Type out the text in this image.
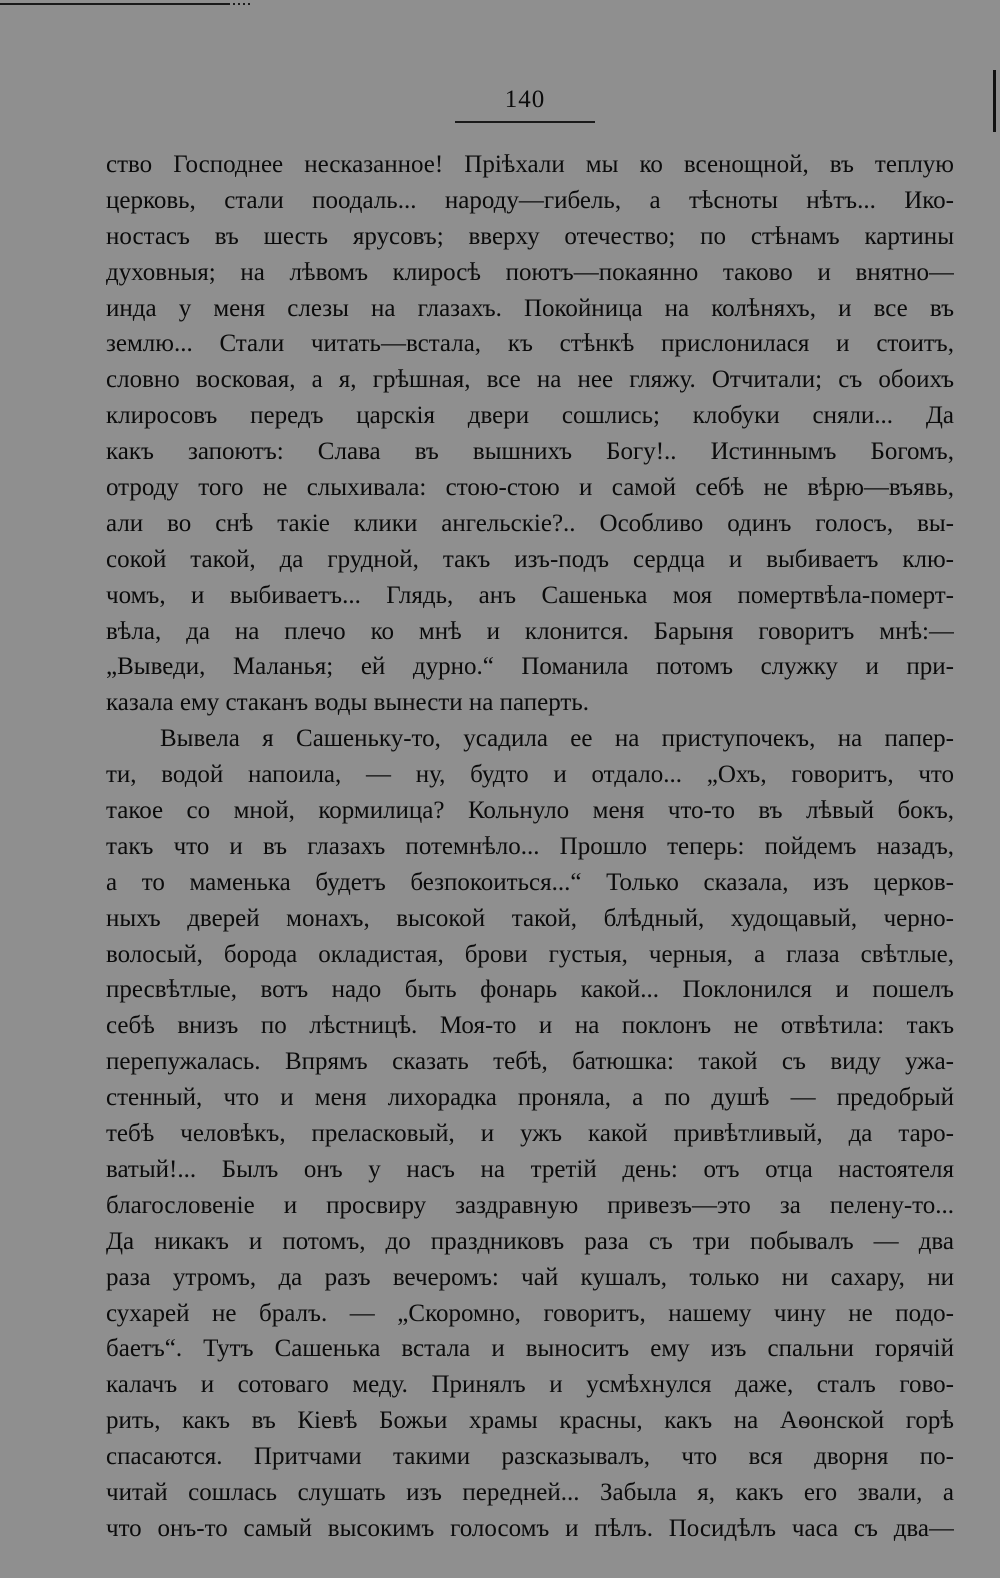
140
ство Господнее несказанное! Пріѣхали мы ко всенощной, въ теплую
церковь, стали поодаль... народу—гибель, а тѣсноты нѣтъ... Ико-
ностасъ въ шесть ярусовъ; вверху отечество; по стѣнамъ картины
духовныя; на лѣвомъ клиросѣ поютъ—покаянно таково и внятно—
инда у меня слезы на глазахъ. Покойница на колѣняхъ, и все въ
землю... Стали читать—встала, къ стѣнкѣ прислонилася и стоитъ,
словно восковая, а я, грѣшная, все на нее гляжу. Отчитали; съ обоихъ
клиросовъ передъ царскія двери сошлись; клобуки сняли... Да
какъ запоютъ: Слава въ вышнихъ Богу!.. Истиннымъ Богомъ,
отроду того не слыхивала: стою-стою и самой себѣ не вѣрю—въявь,
али во снѣ такіе клики ангельскіе?.. Особливо одинъ голосъ, вы-
сокой такой, да грудной, такъ изъ-подъ сердца и выбиваетъ клю-
чомъ, и выбиваетъ... Глядь, анъ Сашенька моя помертвѣла-померт-
вѣла, да на плечо ко мнѣ и клонится. Барыня говоритъ мнѣ:—
„Выведи, Маланья; ей дурно.“ Поманила потомъ служку и при-
казала ему стаканъ воды вынести на паперть.
Вывела я Сашеньку-то, усадила ее на приступочекъ, на папер-
ти, водой напоила, — ну, будто и отдало... „Охъ, говоритъ, что
такое со мной, кормилица? Кольнуло меня что-то въ лѣвый бокъ,
такъ что и въ глазахъ потемнѣло... Прошло теперь: пойдемъ назадъ,
а то маменька будетъ безпокоиться...“ Только сказала, изъ церков-
ныхъ дверей монахъ, высокой такой, блѣдный, худощавый, черно-
волосый, борода окладистая, брови густыя, черныя, а глаза свѣтлые,
пресвѣтлые, вотъ надо быть фонарь какой... Поклонился и пошелъ
себѣ внизъ по лѣстницѣ. Моя-то и на поклонъ не отвѣтила: такъ
перепужалась. Впрямъ сказать тебѣ, батюшка: такой съ виду ужа-
стенный, что и меня лихорадка проняла, а по душѣ — предобрый
тебѣ человѣкъ, преласковый, и ужъ какой привѣтливый, да таро-
ватый!... Былъ онъ у насъ на третій день: отъ отца настоятеля
благословеніе и просвиру заздравную привезъ—это за пелену-то...
Да никакъ и потомъ, до праздниковъ раза съ три побывалъ — два
раза утромъ, да разъ вечеромъ: чай кушалъ, только ни сахару, ни
сухарей не бралъ. — „Скоромно, говоритъ, нашему чину не подо-
баетъ“. Тутъ Сашенька встала и выноситъ ему изъ спальни горячій
калачъ и сотоваго меду. Принялъ и усмѣхнулся даже, сталъ гово-
рить, какъ въ Кіевѣ Божьи храмы красны, какъ на Аѳонской горѣ
спасаются. Притчами такими разсказывалъ, что вся дворня по-
читай сошлась слушать изъ передней... Забыла я, какъ его звали, а
что онъ-то самый высокимъ голосомъ и пѣлъ. Посидѣлъ часа съ два—
